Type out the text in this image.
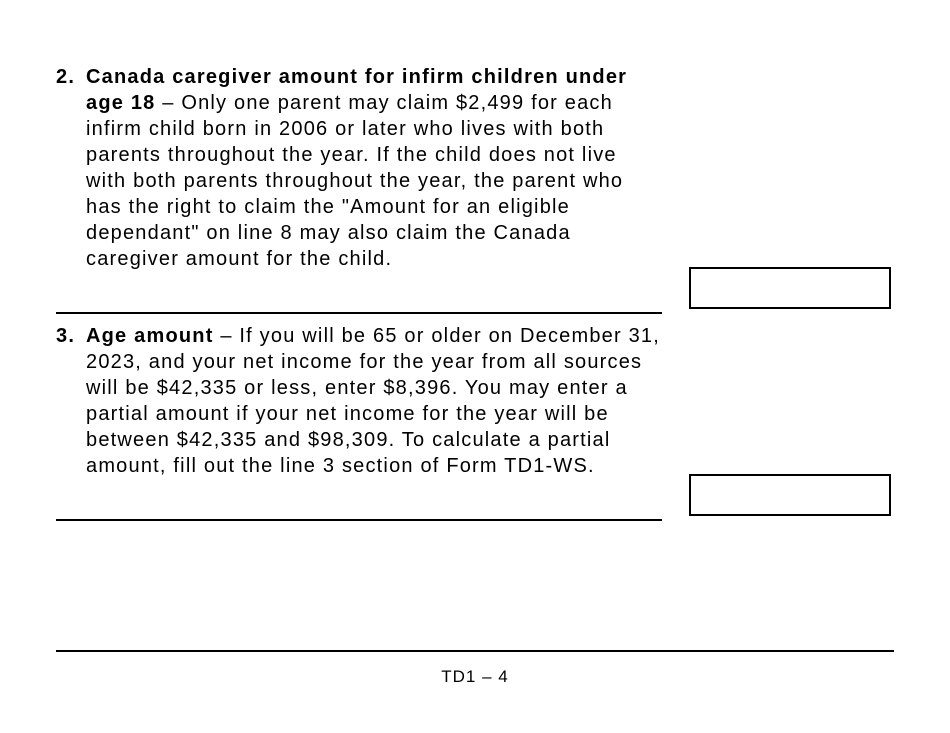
2. Canada caregiver amount for infirm children under age 18 – Only one parent may claim $2,499 for each infirm child born in 2006 or later who lives with both parents throughout the year. If the child does not live with both parents throughout the year, the parent who has the right to claim the "Amount for an eligible dependant" on line 8 may also claim the Canada caregiver amount for the child.

3. Age amount – If you will be 65 or older on December 31, 2023, and your net income for the year from all sources will be $42,335 or less, enter $8,396. You may enter a partial amount if your net income for the year will be between $42,335 and $98,309. To calculate a partial amount, fill out the line 3 section of Form TD1-WS.

TD1 – 4
